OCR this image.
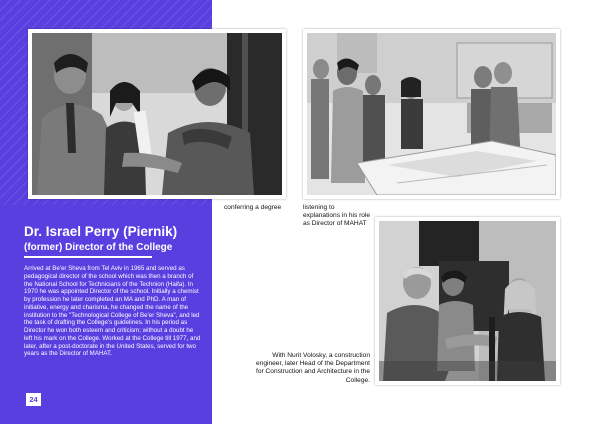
conferring a degree	listening to explanations in his role as Director of MAHAT
With Nurit Volosky, a construction engineer, later Head of the Department for Construction and Architecture in the College.
Dr. Israel Perry (Piernik)
(former) Director of the College
Arrived at Be'er Sheva from Tel Aviv in 1965 and served as pedagogical director of the school which was then a branch of the National School for Technicians of the Technion (Haifa). In 1970 he was appointed Director of the school. Initially a chemist by profession he later completed an MA and PhD. A man of initiative, energy and charisma, he changed the name of the institution to the "Technological College of Be'er Sheva", and led the task of drafting the College's guidelines. In his period as Director he won both esteem and criticism; without a doubt he left his mark on the College. Worked at the College till 1977, and later, after a post-doctorate in the United States, served for two years as the Director of MAHAT.
24
